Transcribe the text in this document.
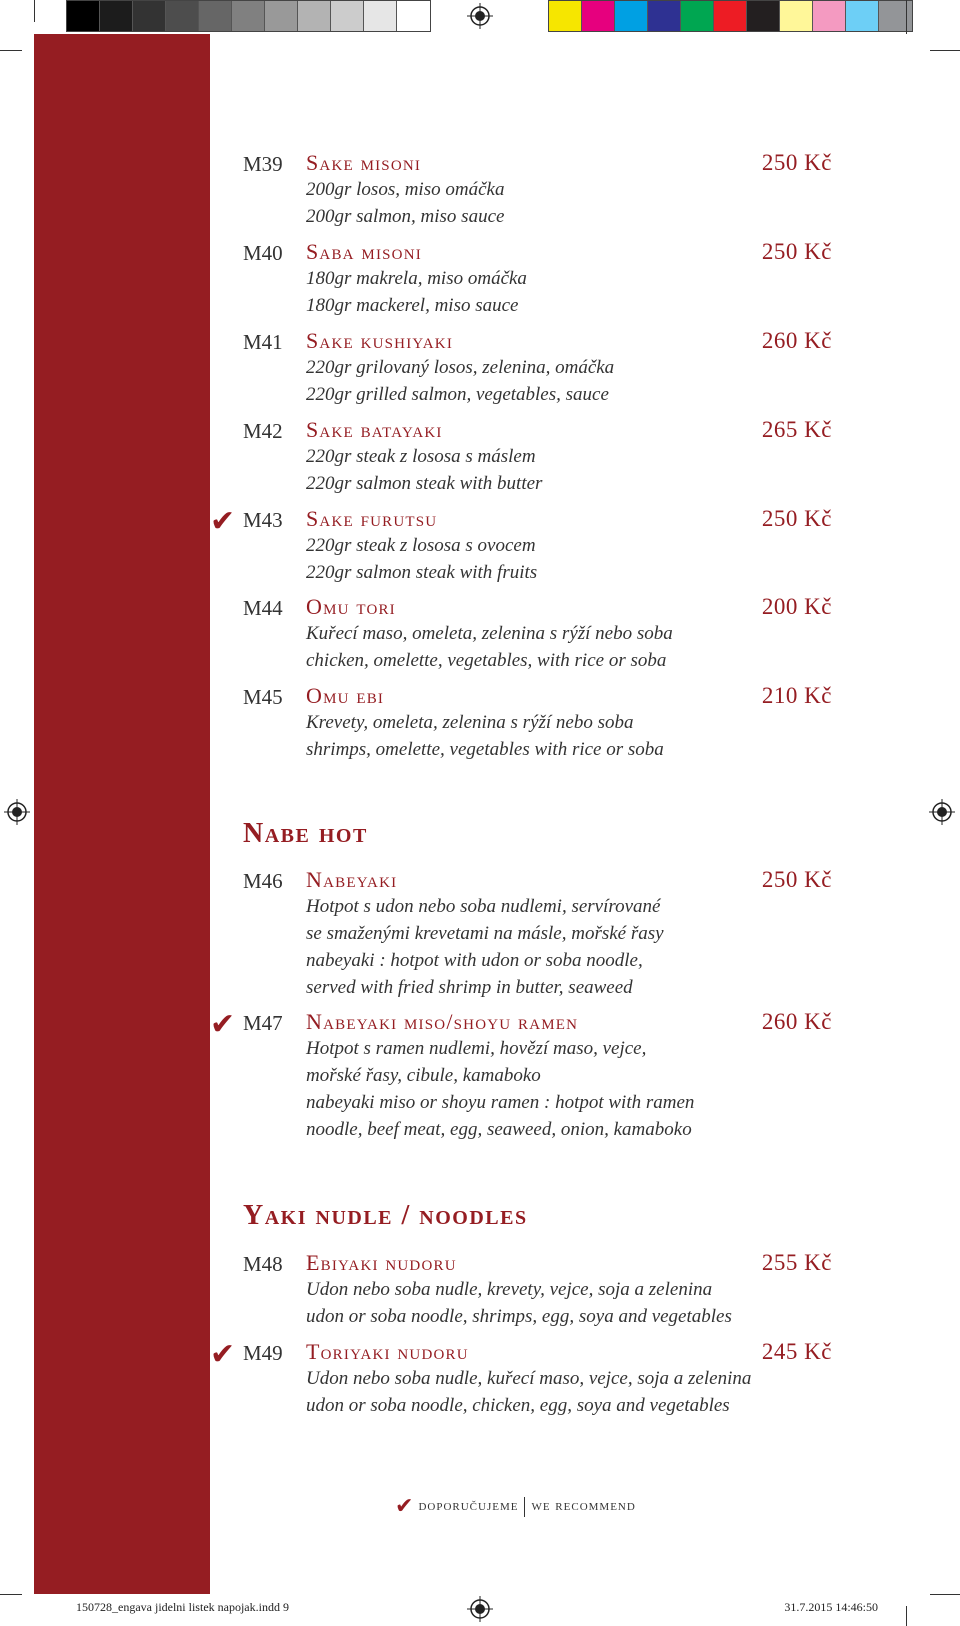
M39 Sake misoni	250 Kč
200gr losos, miso omáčka
200gr salmon, miso sauce
M40 Saba misoni	250 Kč
180gr makrela, miso omáčka
180gr mackerel, miso sauce
M41 Sake kushiyaki	260 Kč
220gr grilovaný losos, zelenina, omáčka
220gr grilled salmon, vegetables, sauce
M42 Sake batayaki	265 Kč
220gr steak z lososa s máslem
220gr salmon steak with butter
✔ M43 Sake furutsu	250 Kč
220gr steak z lososa s ovocem
220gr salmon steak with fruits
M44 Omu tori	200 Kč
Kuřecí maso, omeleta, zelenina s rýží nebo soba
chicken, omelette, vegetables, with rice or soba
M45 Omu ebi	210 Kč
Krevety, omeleta, zelenina s rýží nebo soba
shrimps, omelette, vegetables with rice or soba
M46 Nabeyaki	250 Kč
Hotpot s udon nebo soba nudlemi, servírované
se smaženými krevetami na másle, mořské řasy
nabeyaki : hotpot with udon or soba noodle,
served with fried shrimp in butter, seaweed
✔ M47 Nabeyaki miso/shoyu ramen	260 Kč
Hotpot s ramen nudlemi, hovězí maso, vejce,
mořské řasy, cibule, kamaboko
nabeyaki miso or shoyu ramen : hotpot with ramen
noodle, beef meat, egg, seaweed, onion, kamaboko
M48 Ebiyaki nudoru	255 Kč
Udon nebo soba nudle, krevety, vejce, soja a zelenina
udon or soba noodle, shrimps, egg, soya and vegetables
✔ M49 Toriyaki nudoru	245 Kč
Udon nebo soba nudle, kuřecí maso, vejce, soja a zelenina
udon or soba noodle, chicken, egg, soya and vegetables
Nabe hot
Yaki nudle / noodles
✔ doporučujeme we recommend
150728_engava jidelni listek napojak.indd 9	31.7.2015 14:46:50
